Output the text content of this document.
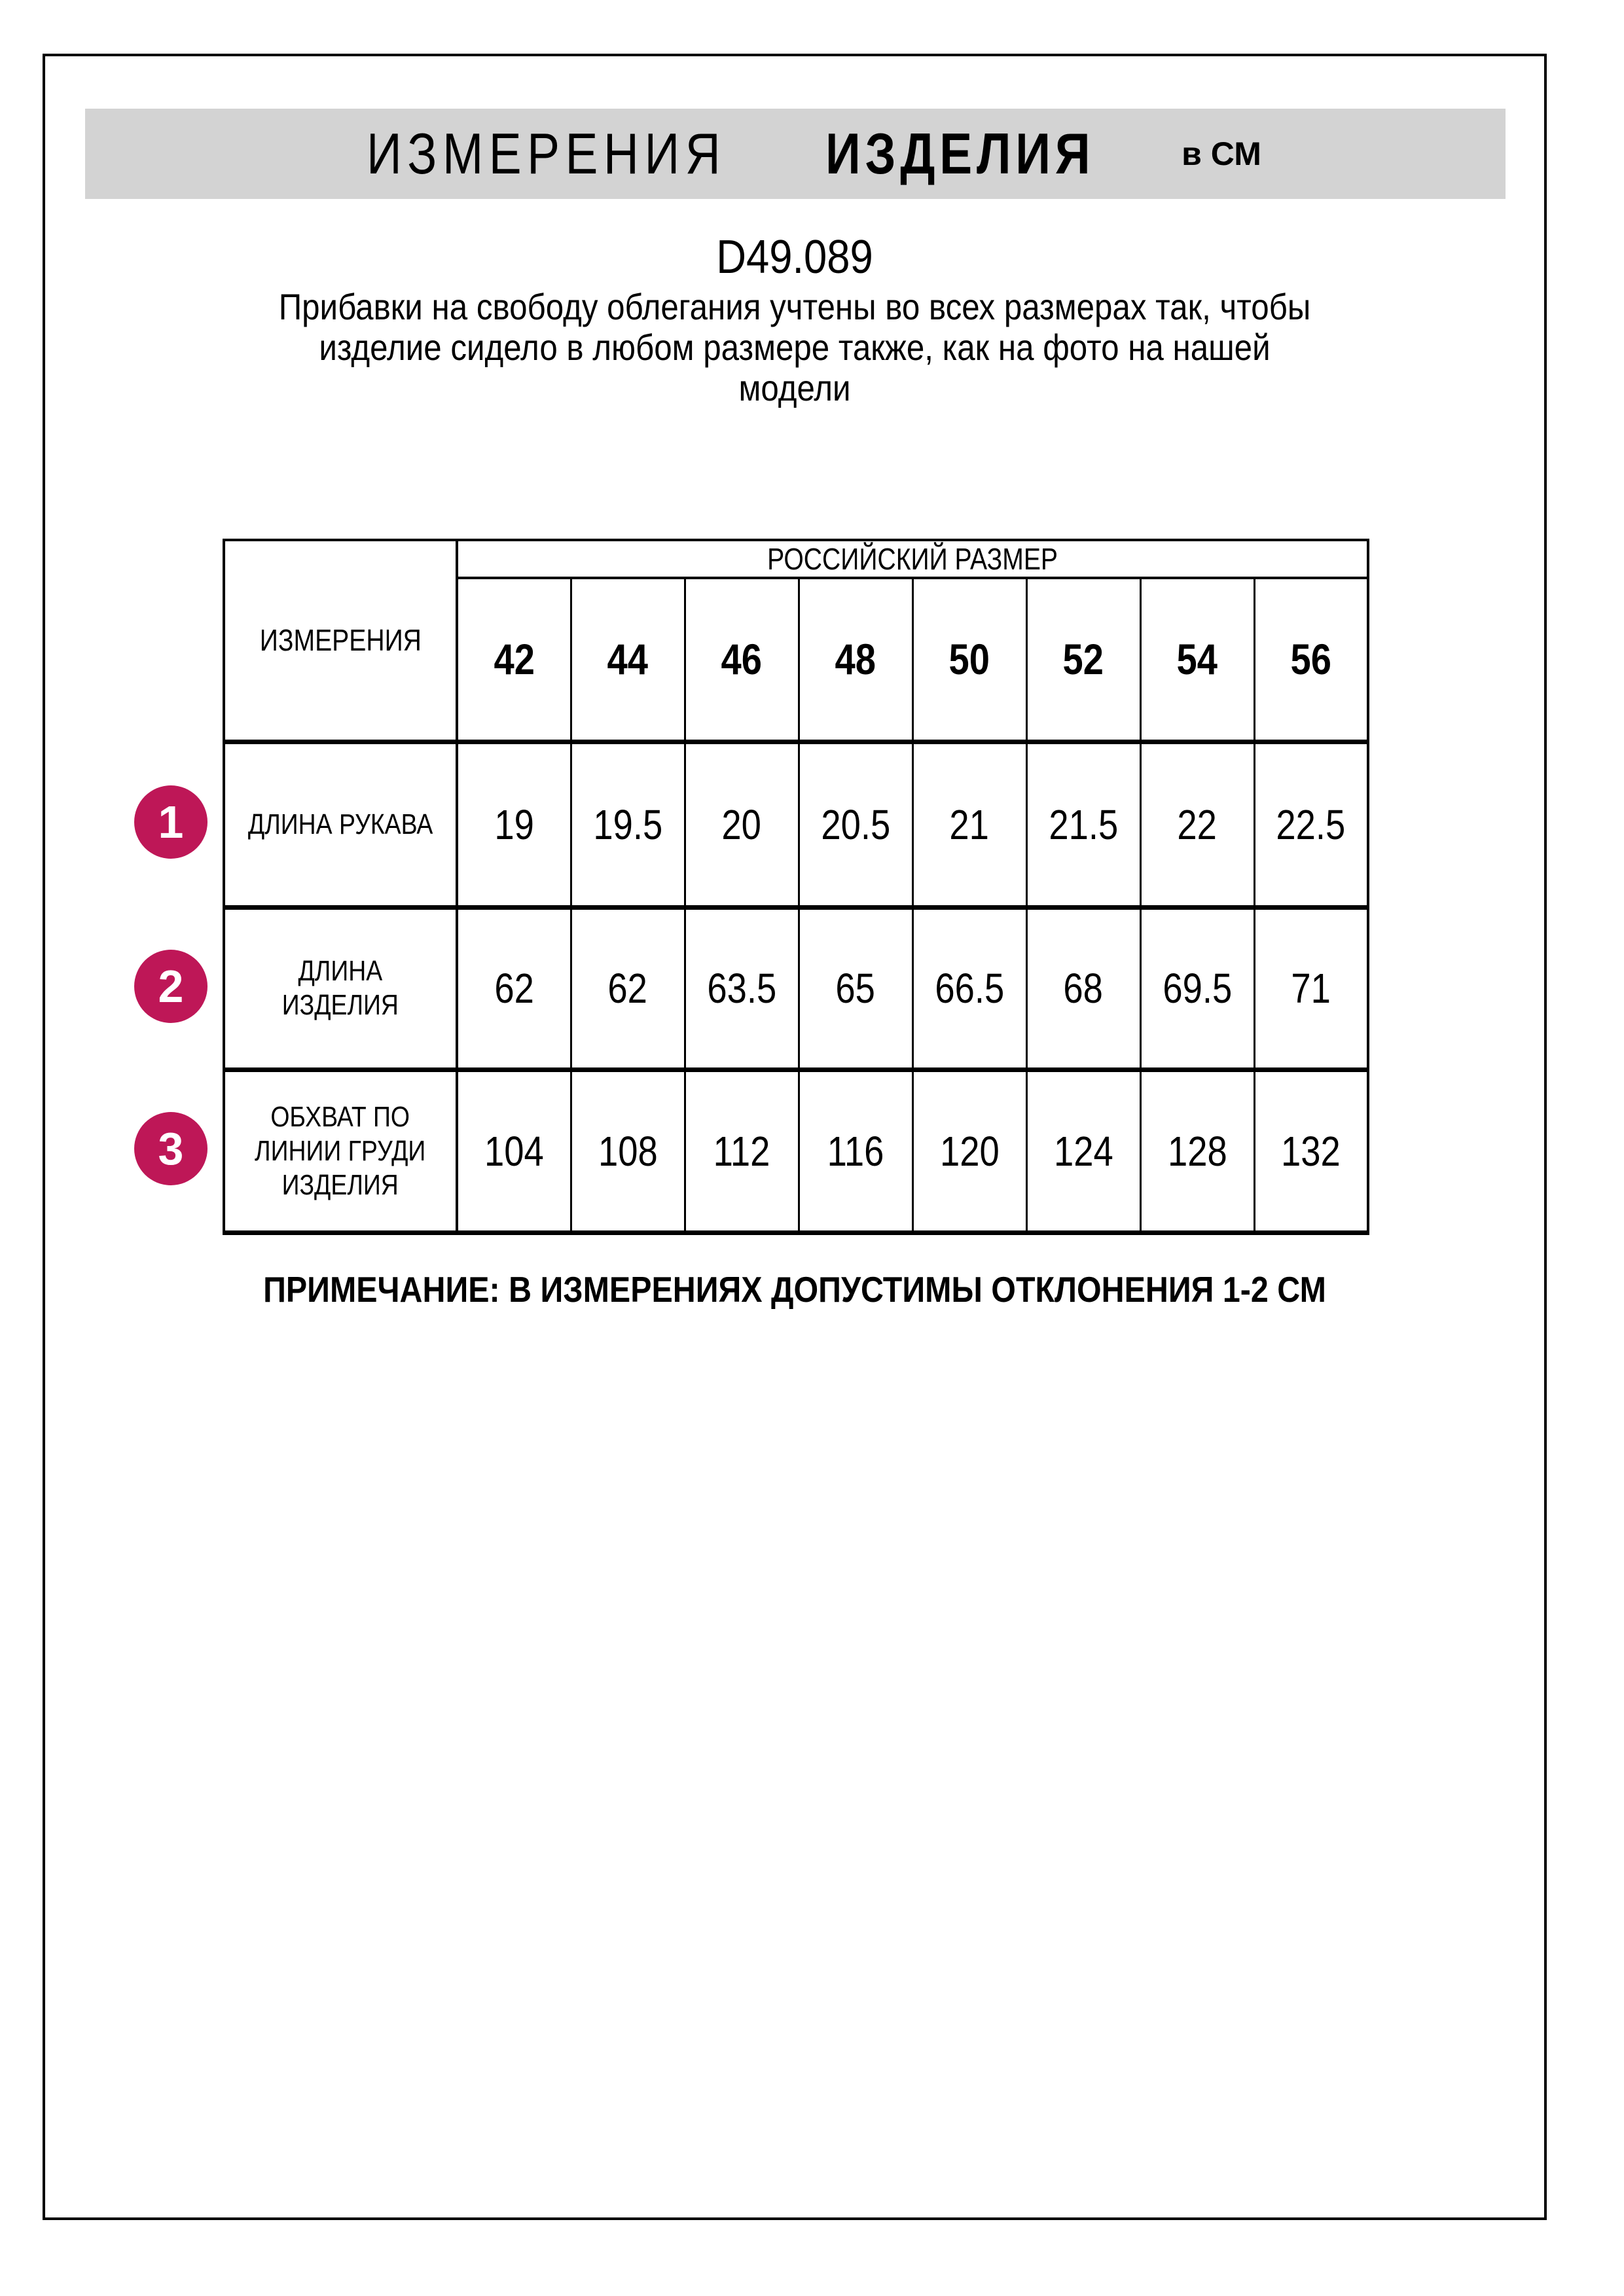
ИЗМЕРЕНИЯ ИЗДЕЛИЯ	в СМ
D49.089
Прибавки на свободу облегания учтены во всех размерах так, чтобы
изделие сидело в любом размере также, как на фото на нашей
модели
ИЗМЕРЕНИЯ	РОССИЙСКИЙ РАЗМЕР							
	42	44	46	48	50	52	54	56
ДЛИНА РУКАВА	19	19.5	20	20.5	21	21.5	22	22.5
ДЛИНА
ИЗДЕЛИЯ	62	62	63.5	65	66.5	68	69.5	71
ОБХВАТ ПО
ЛИНИИ ГРУДИ
ИЗДЕЛИЯ	104	108	112	116	120	124	128	132
1
2
3
ПРИМЕЧАНИЕ: В ИЗМЕРЕНИЯХ ДОПУСТИМЫ ОТКЛОНЕНИЯ 1-2 СМ
